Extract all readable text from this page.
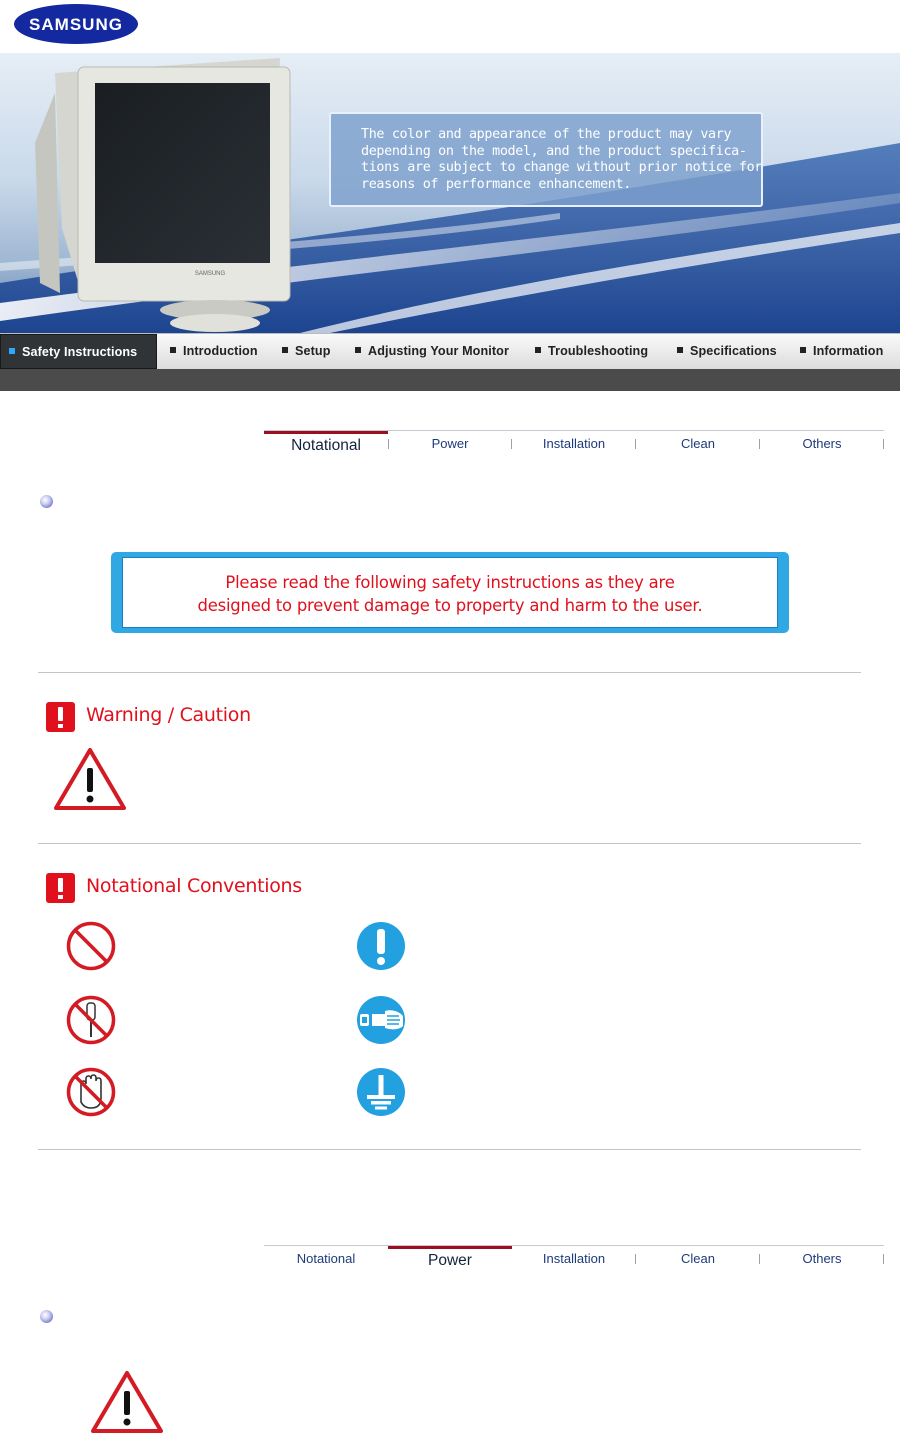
SAMSUNG
SAMSUNG
The color and appearance of the product may vary
depending on the model, and the product specifica-
tions are subject to change without prior notice for
reasons of performance enhancement.
Safety Instructions	Introduction	Setup	Adjusting Your Monitor	Troubleshooting	Specifications	Information
Notational	Power	Installation	Clean	Others
Please read the following safety instructions as they are
designed to prevent damage to property and harm to the user.
Warning / Caution
Notational Conventions
Notational	Power	Installation	Clean	Others
